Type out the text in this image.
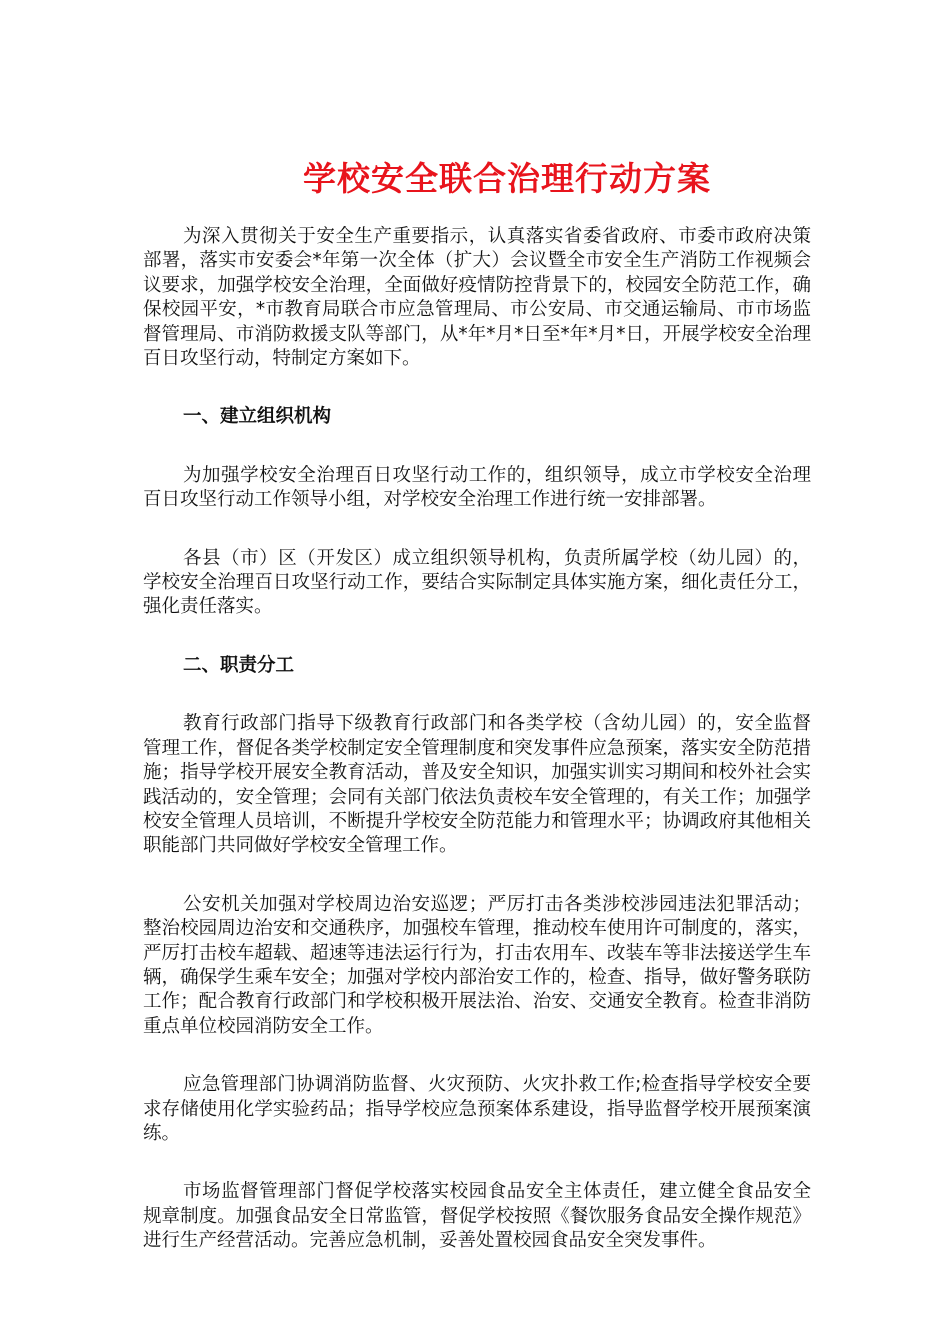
学校安全联合治理行动方案

为深入贯彻关于安全生产重要指示，认真落实省委省政府、市委市政府决策部署，落实市安委会*年第一次全体（扩大）会议暨全市安全生产消防工作视频会议要求，加强学校安全治理，全面做好疫情防控背景下的，校园安全防范工作，确保校园平安，*市教育局联合市应急管理局、市公安局、市交通运输局、市市场监督管理局、市消防救援支队等部门，从*年*月*日至*年*月*日，开展学校安全治理百日攻坚行动，特制定方案如下。

一、建立组织机构

为加强学校安全治理百日攻坚行动工作的，组织领导，成立市学校安全治理百日攻坚行动工作领导小组，对学校安全治理工作进行统一安排部署。

各县（市）区（开发区）成立组织领导机构，负责所属学校（幼儿园）的，学校安全治理百日攻坚行动工作，要结合实际制定具体实施方案，细化责任分工，强化责任落实。

二、职责分工

教育行政部门指导下级教育行政部门和各类学校（含幼儿园）的，安全监督管理工作，督促各类学校制定安全管理制度和突发事件应急预案，落实安全防范措施；指导学校开展安全教育活动，普及安全知识，加强实训实习期间和校外社会实践活动的，安全管理；会同有关部门依法负责校车安全管理的，有关工作；加强学校安全管理人员培训，不断提升学校安全防范能力和管理水平；协调政府其他相关职能部门共同做好学校安全管理工作。

公安机关加强对学校周边治安巡逻；严厉打击各类涉校涉园违法犯罪活动；整治校园周边治安和交通秩序，加强校车管理，推动校车使用许可制度的，落实，严厉打击校车超载、超速等违法运行行为，打击农用车、改装车等非法接送学生车辆，确保学生乘车安全；加强对学校内部治安工作的，检查、指导，做好警务联防工作；配合教育行政部门和学校积极开展法治、治安、交通安全教育。检查非消防重点单位校园消防安全工作。

应急管理部门协调消防监督、火灾预防、火灾扑救工作;检查指导学校安全要求存储使用化学实验药品；指导学校应急预案体系建设，指导监督学校开展预案演练。

市场监督管理部门督促学校落实校园食品安全主体责任，建立健全食品安全规章制度。加强食品安全日常监管，督促学校按照《餐饮服务食品安全操作规范》进行生产经营活动。完善应急机制，妥善处置校园食品安全突发事件。
